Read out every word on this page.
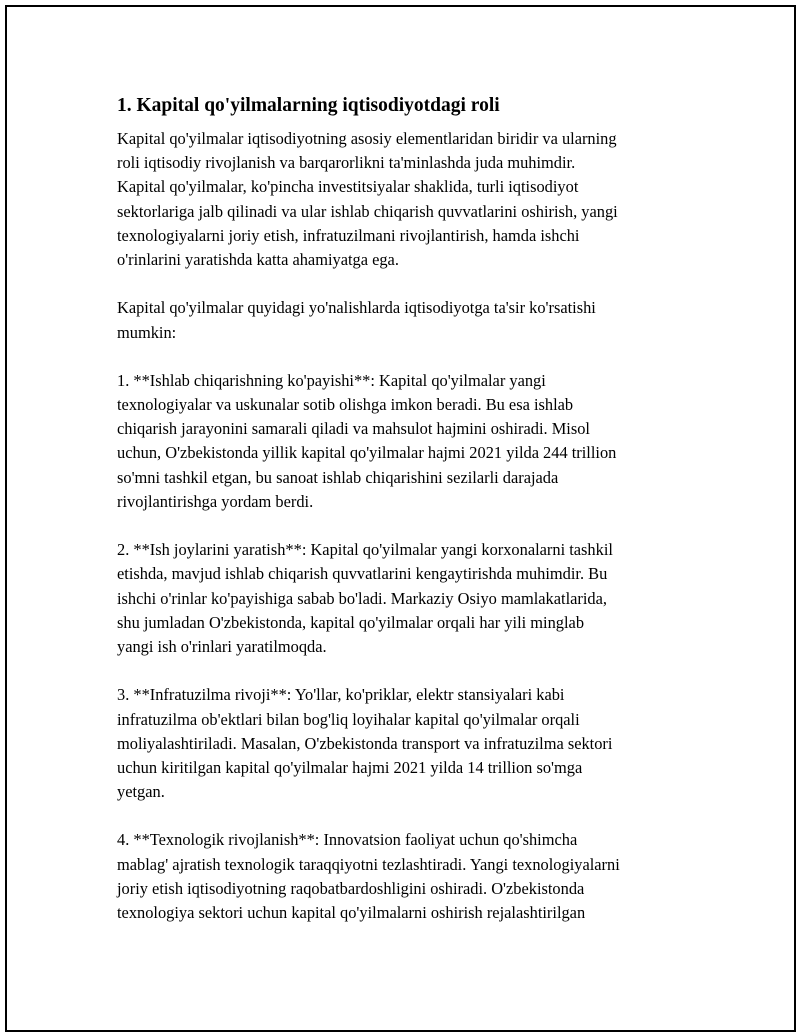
1. Kapital qo'yilmalarning iqtisodiyotdagi roli
Kapital qo'yilmalar iqtisodiyotning asosiy elementlaridan biridir va ularning
roli iqtisodiy rivojlanish va barqarorlikni ta'minlashda juda muhimdir.
Kapital qo'yilmalar, ko'pincha investitsiyalar shaklida, turli iqtisodiyot
sektorlariga jalb qilinadi va ular ishlab chiqarish quvvatlarini oshirish, yangi
texnologiyalarni joriy etish, infratuzilmani rivojlantirish, hamda ishchi
o'rinlarini yaratishda katta ahamiyatga ega.
Kapital qo'yilmalar quyidagi yo'nalishlarda iqtisodiyotga ta'sir ko'rsatishi
mumkin:
1. **Ishlab chiqarishning ko'payishi**: Kapital qo'yilmalar yangi
texnologiyalar va uskunalar sotib olishga imkon beradi. Bu esa ishlab
chiqarish jarayonini samarali qiladi va mahsulot hajmini oshiradi. Misol
uchun, O'zbekistonda yillik kapital qo'yilmalar hajmi 2021 yilda 244 trillion
so'mni tashkil etgan, bu sanoat ishlab chiqarishini sezilarli darajada
rivojlantirishga yordam berdi.
2. **Ish joylarini yaratish**: Kapital qo'yilmalar yangi korxonalarni tashkil
etishda, mavjud ishlab chiqarish quvvatlarini kengaytirishda muhimdir. Bu
ishchi o'rinlar ko'payishiga sabab bo'ladi. Markaziy Osiyo mamlakatlarida,
shu jumladan O'zbekistonda, kapital qo'yilmalar orqali har yili minglab
yangi ish o'rinlari yaratilmoqda.
3. **Infratuzilma rivoji**: Yo'llar, ko'priklar, elektr stansiyalari kabi
infratuzilma ob'ektlari bilan bog'liq loyihalar kapital qo'yilmalar orqali
moliyalashtiriladi. Masalan, O'zbekistonda transport va infratuzilma sektori
uchun kiritilgan kapital qo'yilmalar hajmi 2021 yilda 14 trillion so'mga
yetgan.
4. **Texnologik rivojlanish**: Innovatsion faoliyat uchun qo'shimcha
mablag' ajratish texnologik taraqqiyotni tezlashtiradi. Yangi texnologiyalarni
joriy etish iqtisodiyotning raqobatbardoshligini oshiradi. O'zbekistonda
texnologiya sektori uchun kapital qo'yilmalarni oshirish rejalashtirilgan
